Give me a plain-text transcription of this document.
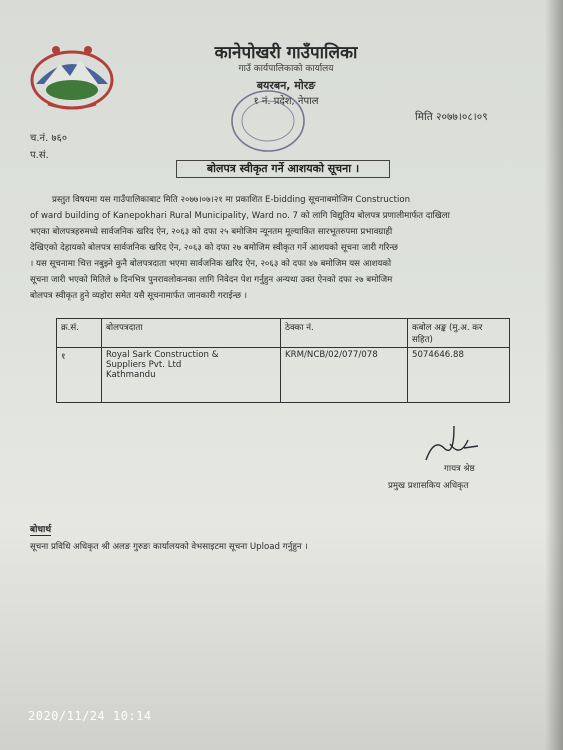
कानेपोखरी गाउँपालिका
गाउँ कार्यपालिकाको कार्यालय
बयरबन, मोरङ
१ नं. प्रदेश, नेपाल
मिति २०७७।०८।०९
च.नं. ७६०
प.सं.
बोलपत्र स्वीकृत गर्ने आशयको सूचना ।
प्रस्तुत विषयमा यस गाउँपालिकाबाट मिति २०७७।०७।२१ मा प्रकाशित E-bidding सूचनाबमोजिम Construction
of ward building of Kanepokhari Rural Municipality, Ward no. 7 को लागि विद्युतिय बोलपत्र प्रणालीमार्फत दाखिला
भएका बोलपत्रहरुमध्ये सार्वजनिक खरिद ऐन, २०६३ को दफा २५ बमोजिम न्यूनतम मूल्याकित सारभूतरुपमा प्रभावग्राही
देखिएको देहायको बोलपत्र सार्वजनिक खरिद ऐन, २०६३ को दफा २७ बमोजिम स्वीकृत गर्ने आशयको सूचना जारी गरिन्छ
। यस सूचनामा चित्त नबुझ्ने कुनै बोलपत्रदाता भएमा सार्वजनिक खरिद ऐन, २०६३ को दफा ४७ बमोजिम यस आशयको
सूचना जारी भएको मितिले ७ दिनभित्र पुनरावलोकनका लागि निवेदन पेश गर्नुहुन अन्यथा उक्त ऐनको दफा २७ बमोजिम
बोलपत्र स्वीकृत हुने व्यहोरा समेत यसै सूचनामार्फत जानकारी गराईन्छ ।
क्र.सं.	बोलपत्रदाता	ठेक्का नं.	कबोल अङ्क (मु.अ. कर सहित)
१	Royal Sark Construction &
Suppliers Pvt. Ltd
Kathmandu	KRM/NCB/02/077/078	5074646.88
गायत्र श्रेष्ठ
प्रमुख प्रशासकिय अधिकृत
बोधार्थ
सूचना प्रविधि अधिकृत श्री अलङ गुरुङः कार्यालयको वेभसाइटमा सूचना Upload गर्नुहुन ।
2020/11/24 10:14
